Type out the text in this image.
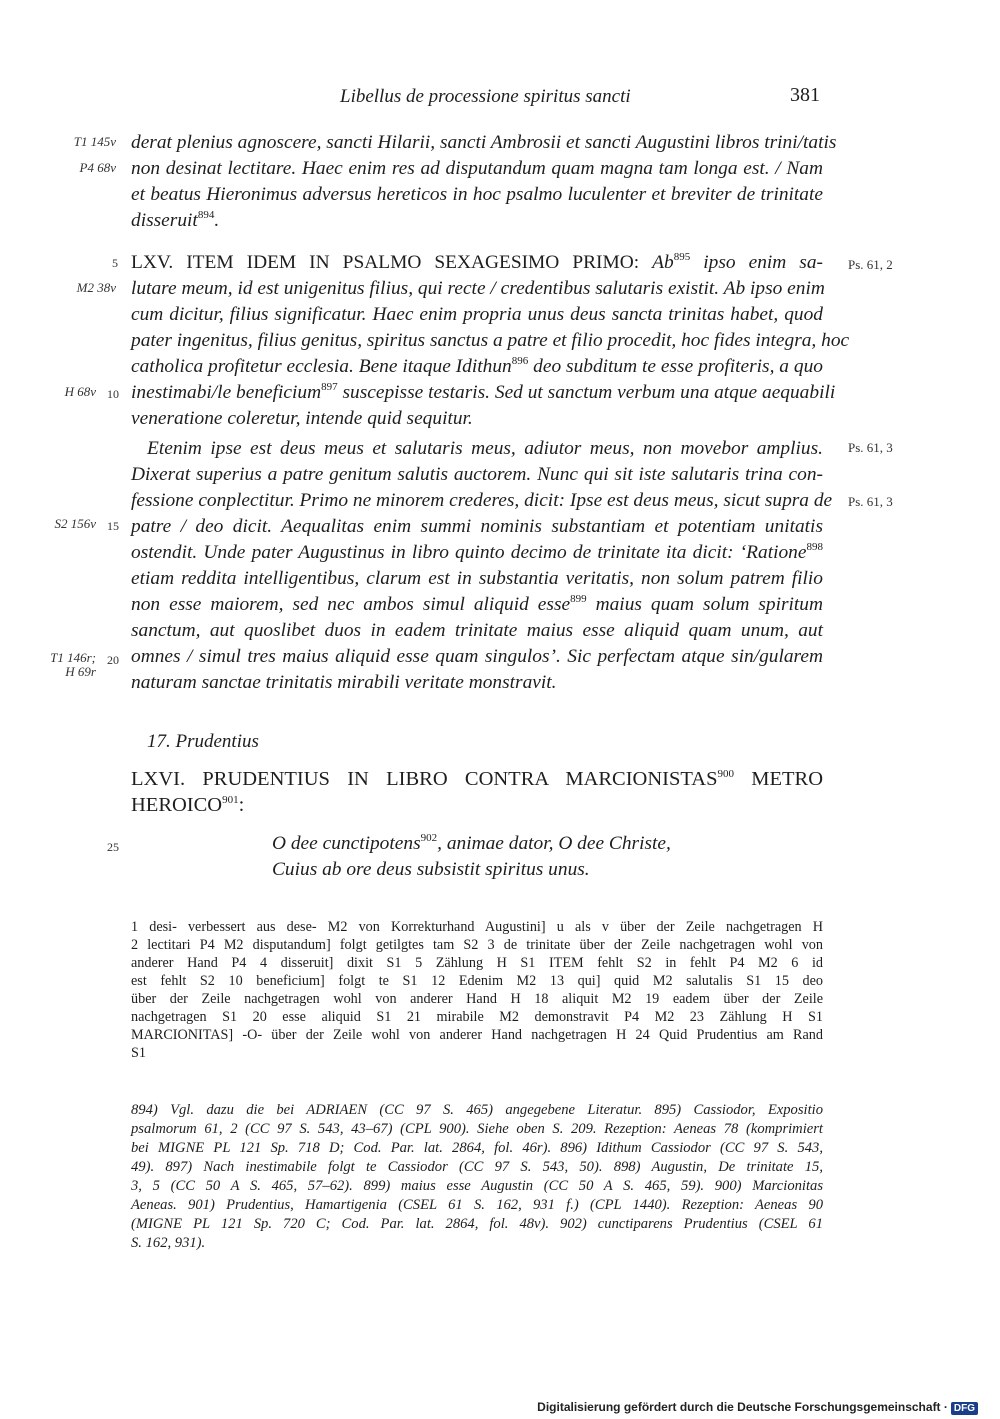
Libellus de processione spiritus sancti	381
T1 145v
P4 68v
M2 38v
H 68v
S2 156v
T1 146r;
H 69r
5
10
15
20
25
Ps. 61, 2
Ps. 61, 3
Ps. 61, 3
derat plenius agnoscere, sancti Hilarii, sancti Ambrosii et sancti Augustini libros trini/tatis
non desinat lectitare. Haec enim res ad disputandum quam magna tam longa est. / Nam
et beatus Hieronimus adversus hereticos in hoc psalmo luculenter et breviter de trinitate
disseruit$^{894}$.
LXV. ITEM IDEM IN PSALMO SEXAGESIMO PRIMO: Ab$^{895}$ ipso enim sa-
lutare meum, id est unigenitus filius, qui recte / credentibus salutaris existit. Ab ipso enim
cum dicitur, filius significatur. Haec enim propria unus deus sancta trinitas habet, quod
pater ingenitus, filius genitus, spiritus sanctus a patre et filio procedit, hoc fides integra, hoc
catholica profitetur ecclesia. Bene itaque Idithun$^{896}$ deo subditum te esse profiteris, a quo
inestimabi/le beneficium$^{897}$ suscepisse testaris. Sed ut sanctum verbum una atque aequabili
veneratione coleretur, intende quid sequitur.
Etenim ipse est deus meus et salutaris meus, adiutor meus, non movebor amplius.
Dixerat superius a patre genitum salutis auctorem. Nunc qui sit iste salutaris trina con-
fessione conplectitur. Primo ne minorem crederes, dicit: Ipse est deus meus, sicut supra de
patre / deo dicit. Aequalitas enim summi nominis substantiam et potentiam unitatis
ostendit. Unde pater Augustinus in libro quinto decimo de trinitate ita dicit: ‘Ratione$^{898}$
etiam reddita intelligentibus, clarum est in substantia veritatis, non solum patrem filio
non esse maiorem, sed nec ambos simul aliquid esse$^{899}$ maius quam solum spiritum
sanctum, aut quoslibet duos in eadem trinitate maius esse aliquid quam unum, aut
omnes / simul tres maius aliquid esse quam singulos’. Sic perfectam atque sin/gularem
naturam sanctae trinitatis mirabili veritate monstravit.
17. Prudentius
LXVI. PRUDENTIUS IN LIBRO CONTRA MARCIONISTAS$^{900}$ METRO
HEROICO$^{901}$:
O dee cunctipotens$^{902}$, animae dator, O dee Christe,
Cuius ab ore deus subsistit spiritus unus.
1 desi- verbessert aus dese- M2 von Korrekturhand Augustini] u als v über der Zeile nachgetragen H
2 lectitari P4 M2 disputandum] folgt getilgtes tam S2 3 de trinitate über der Zeile nachgetragen wohl von
anderer Hand P4 4 disseruit] dixit S1 5 Zählung H S1 ITEM fehlt S2 in fehlt P4 M2 6 id
est fehlt S2 10 beneficium] folgt te S1 12 Edenim M2 13 qui] quid M2 salutalis S1 15 deo
über der Zeile nachgetragen wohl von anderer Hand H 18 aliquit M2 19 eadem über der Zeile
nachgetragen S1 20 esse aliquid S1 21 mirabile M2 demonstravit P4 M2 23 Zählung H S1
MARCIONITAS] -O- über der Zeile wohl von anderer Hand nachgetragen H 24 Quid Prudentius am Rand
S1
894) Vgl. dazu die bei ADRIAEN (CC 97 S. 465) angegebene Literatur. 895) Cassiodor, Expositio
psalmorum 61, 2 (CC 97 S. 543, 43–67) (CPL 900). Siehe oben S. 209. Rezeption: Aeneas 78 (komprimiert
bei MIGNE PL 121 Sp. 718 D; Cod. Par. lat. 2864, fol. 46r). 896) Idithum Cassiodor (CC 97 S. 543,
49). 897) Nach inestimabile folgt te Cassiodor (CC 97 S. 543, 50). 898) Augustin, De trinitate 15,
3, 5 (CC 50 A S. 465, 57–62). 899) maius esse Augustin (CC 50 A S. 465, 59). 900) Marcionitas
Aeneas. 901) Prudentius, Hamartigenia (CSEL 61 S. 162, 931 f.) (CPL 1440). Rezeption: Aeneas 90
(MIGNE PL 121 Sp. 720 C; Cod. Par. lat. 2864, fol. 48v). 902) cunctiparens Prudentius (CSEL 61
S. 162, 931).
Digitalisierung gefördert durch die Deutsche Forschungsgemeinschaft · DFG
